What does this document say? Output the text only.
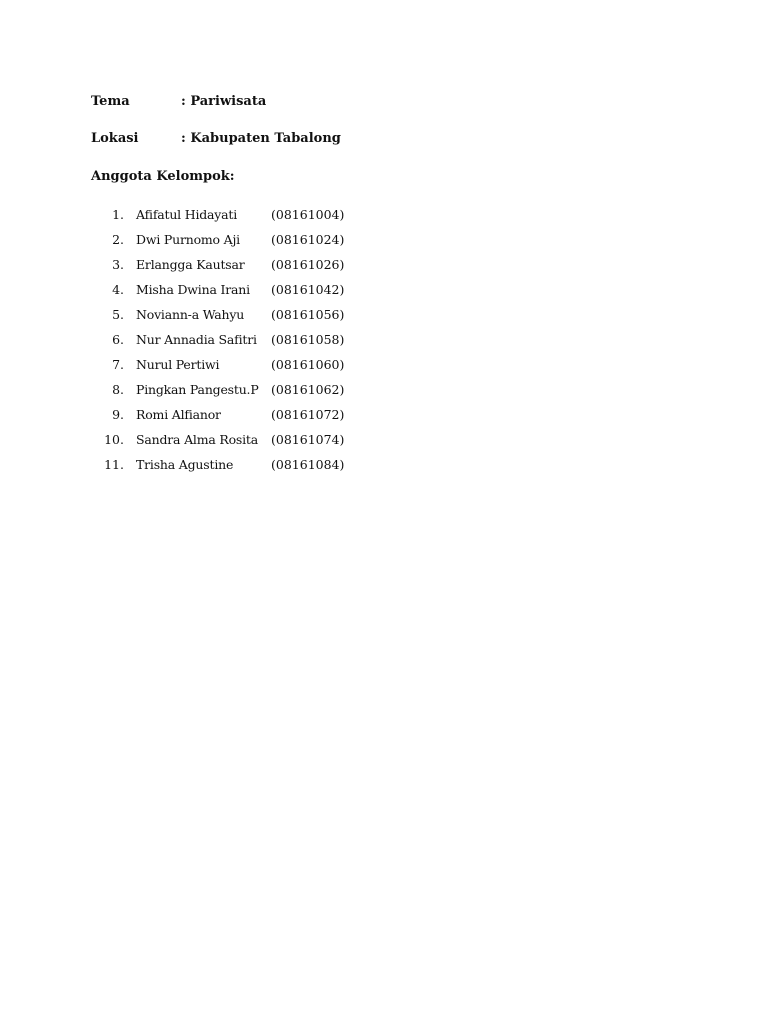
Tema	: Pariwisata
Lokasi	: Kabupaten Tabalong
Anggota Kelompok:
1. Afifatul Hidayati	(08161004)
2. Dwi Purnomo Aji (08161024)
3. Erlangga Kautsar (08161026)
4. Misha Dwina Irani (08161042)
5. Noviann-a Wahyu (08161056)
6. Nur Annadia Safitri (08161058)
7. Nurul Pertiwi	(08161060)
8. Pingkan Pangestu.P (08161062)
9. Romi Alfianor	(08161072)
10. Sandra Alma Rosita (08161074)
11. Trisha Agustine	(08161084)
